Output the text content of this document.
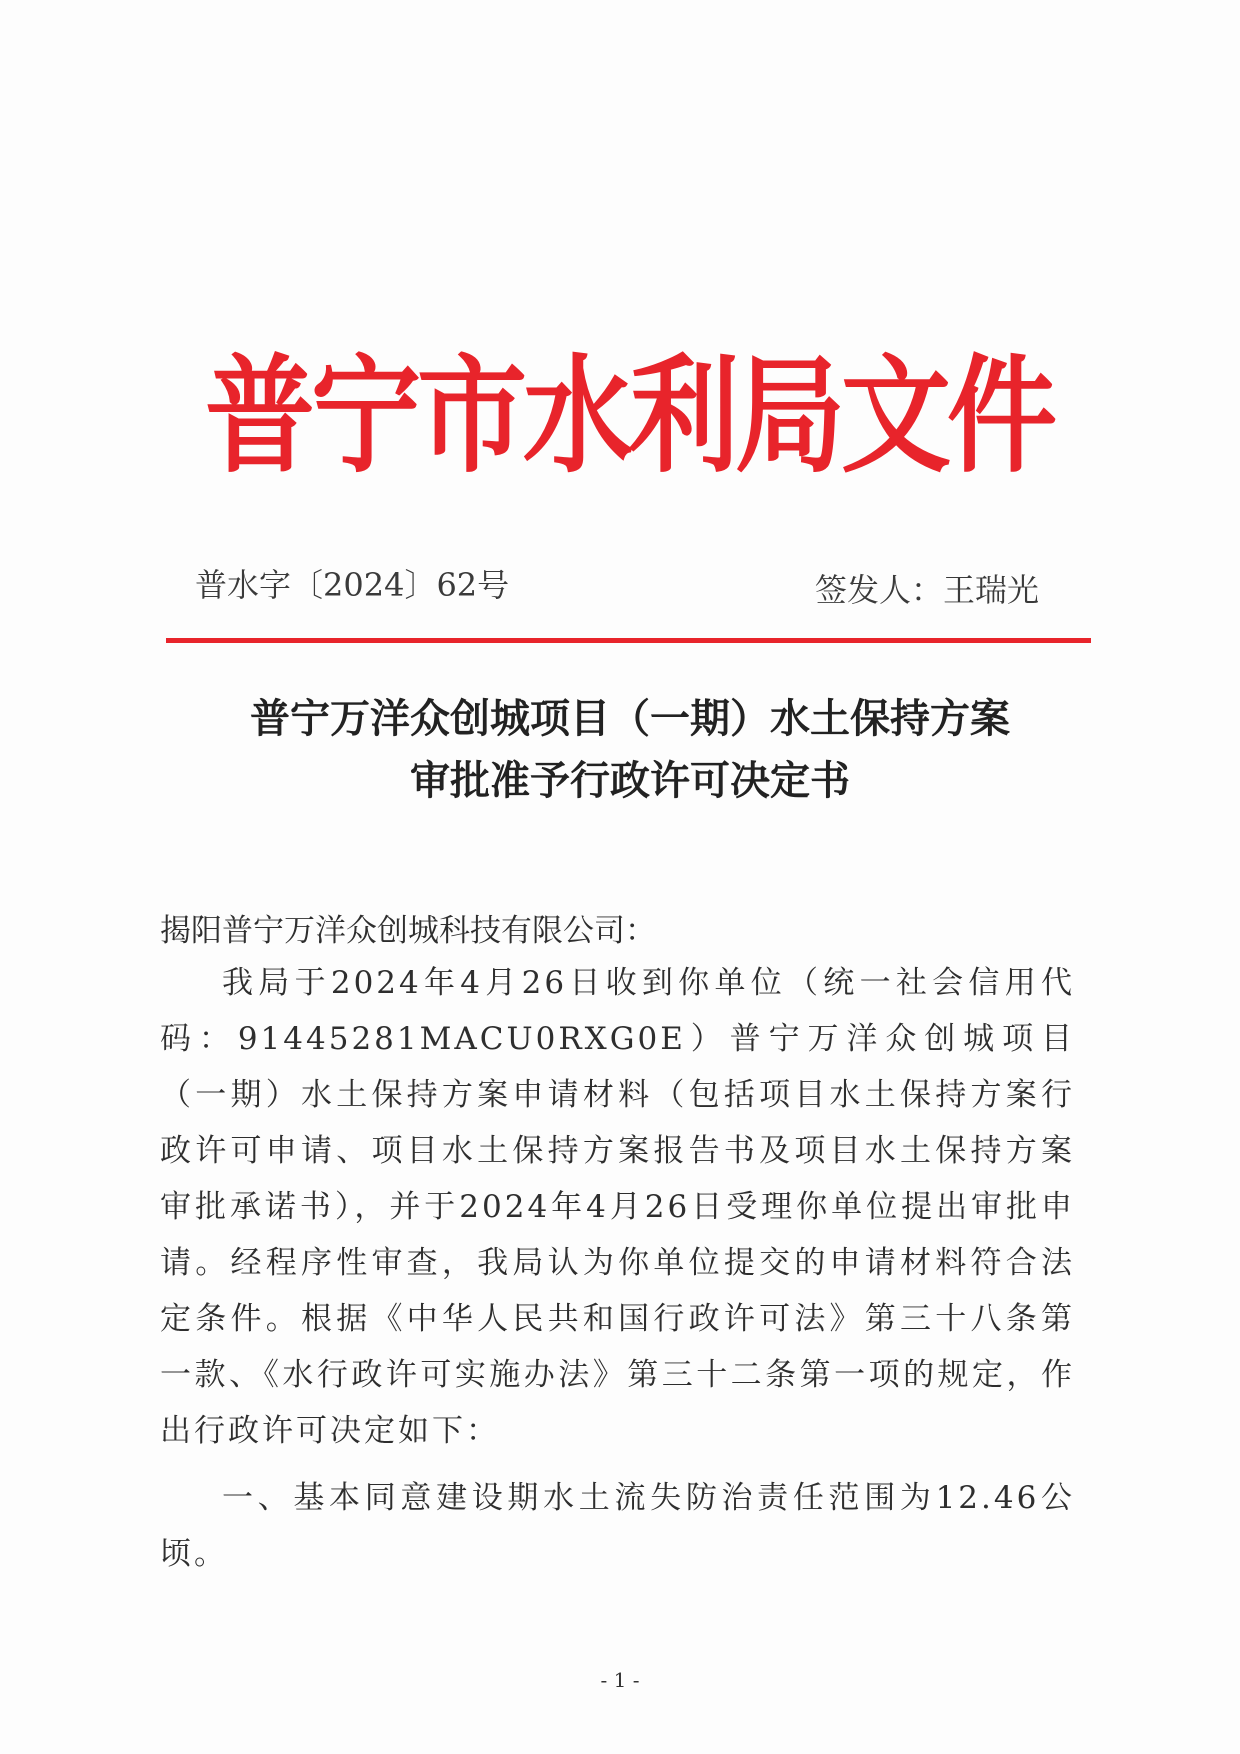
普宁市水利局文件
普水字〔2024〕62号	签发人：王瑞光
普宁万洋众创城项目（一期）水土保持方案
审批准予行政许可决定书
揭阳普宁万洋众创城科技有限公司：
我局于2024年4月26日收到你单位（统一社会信用代码：91445281MACU0RXG0E）普宁万洋众创城项目（一期）水土保持方案申请材料（包括项目水土保持方案行政许可申请、项目水土保持方案报告书及项目水土保持方案审批承诺书），并于2024年4月26日受理你单位提出审批申请。经程序性审查，我局认为你单位提交的申请材料符合法定条件。根据《中华人民共和国行政许可法》第三十八条第一款、《水行政许可实施办法》第三十二条第一项的规定，作出行政许可决定如下：
一、基本同意建设期水土流失防治责任范围为12.46公顷。
- 1 -
